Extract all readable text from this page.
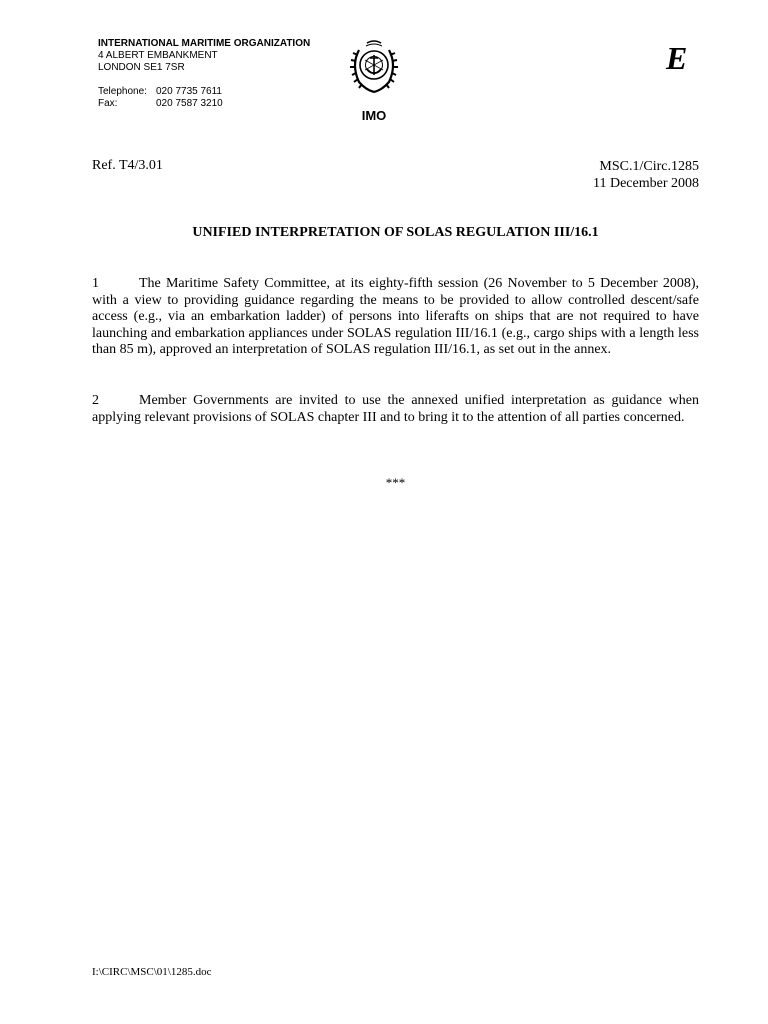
INTERNATIONAL MARITIME ORGANIZATION
4 ALBERT EMBANKMENT
LONDON SE1 7SR
Telephone: 020 7735 7611
Fax:	020 7587 3210
IMO
E
Ref. T4/3.01	MSC.1/Circ.1285
11 December 2008
UNIFIED INTERPRETATION OF SOLAS REGULATION III/16.1
1	The Maritime Safety Committee, at its eighty-fifth session (26 November to 5 December 2008), with a view to providing guidance regarding the means to be provided to allow controlled descent/safe access (e.g., via an embarkation ladder) of persons into liferafts on ships that are not required to have launching and embarkation appliances under SOLAS regulation III/16.1 (e.g., cargo ships with a length less than 85 m), approved an interpretation of SOLAS regulation III/16.1, as set out in the annex.
2	Member Governments are invited to use the annexed unified interpretation as guidance when applying relevant provisions of SOLAS chapter III and to bring it to the attention of all parties concerned.
***
I:\CIRC\MSC\01\1285.doc
